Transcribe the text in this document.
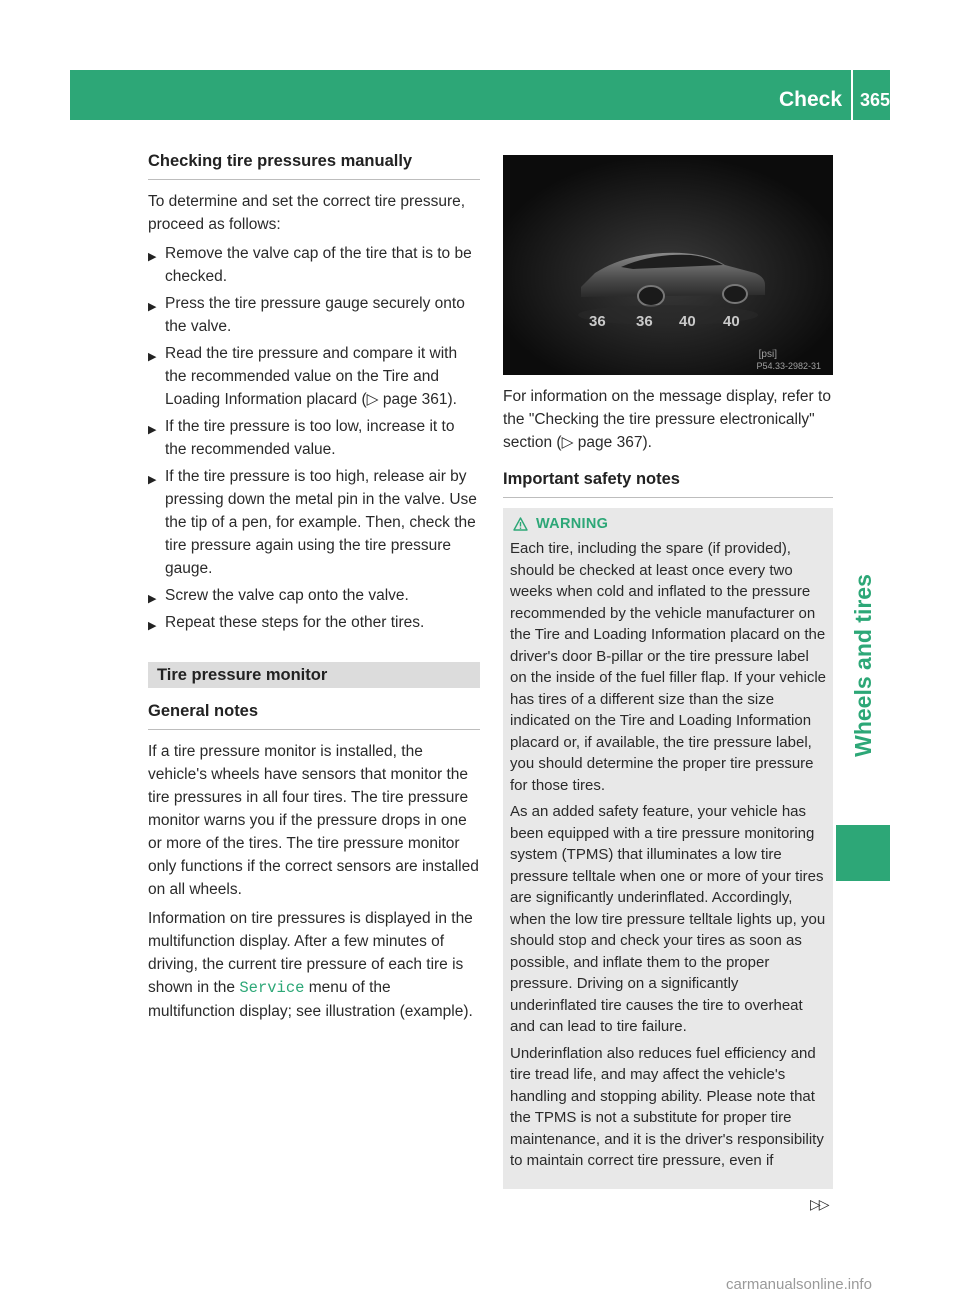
Check 365
Wheels and tires
Checking tire pressures manually

To determine and set the correct tire pressure, proceed as follows:

▶ Remove the valve cap of the tire that is to be checked.
▶ Press the tire pressure gauge securely onto the valve.
▶ Read the tire pressure and compare it with the recommended value on the Tire and Loading Information placard (▷ page 361).
▶ If the tire pressure is too low, increase it to the recommended value.
▶ If the tire pressure is too high, release air by pressing down the metal pin in the valve. Use the tip of a pen, for example. Then, check the tire pressure again using the tire pressure gauge.
▶ Screw the valve cap onto the valve.
▶ Repeat these steps for the other tires.
Tire pressure monitor
General notes

If a tire pressure monitor is installed, the vehicle's wheels have sensors that monitor the tire pressures in all four tires. The tire pressure monitor warns you if the pressure drops in one or more of the tires. The tire pressure monitor only functions if the correct sensors are installed on all wheels.

Information on tire pressures is displayed in the multifunction display. After a few minutes of driving, the current tire pressure of each tire is shown in the Service menu of the multifunction display; see illustration (example).

36 36 40 40
[psi]
P54.33-2982-31

For information on the message display, refer to the "Checking the tire pressure electronically" section (▷ page 367).

Important safety notes
WARNING

Each tire, including the spare (if provided), should be checked at least once every two weeks when cold and inflated to the pressure recommended by the vehicle manufacturer on the Tire and Loading Information placard on the driver's door B-pillar or the tire pressure label on the inside of the fuel filler flap. If your vehicle has tires of a different size than the size indicated on the Tire and Loading Information placard or, if available, the tire pressure label, you should determine the proper tire pressure for those tires.

As an added safety feature, your vehicle has been equipped with a tire pressure monitoring system (TPMS) that illuminates a low tire pressure telltale when one or more of your tires are significantly underinflated. Accordingly, when the low tire pressure telltale lights up, you should stop and check your tires as soon as possible, and inflate them to the proper pressure. Driving on a significantly underinflated tire causes the tire to overheat and can lead to tire failure.

Underinflation also reduces fuel efficiency and tire tread life, and may affect the vehicle's handling and stopping ability. Please note that the TPMS is not a substitute for proper tire maintenance, and it is the driver's responsibility to maintain correct tire pressure, even if

▷▷
carmanualsonline.info
